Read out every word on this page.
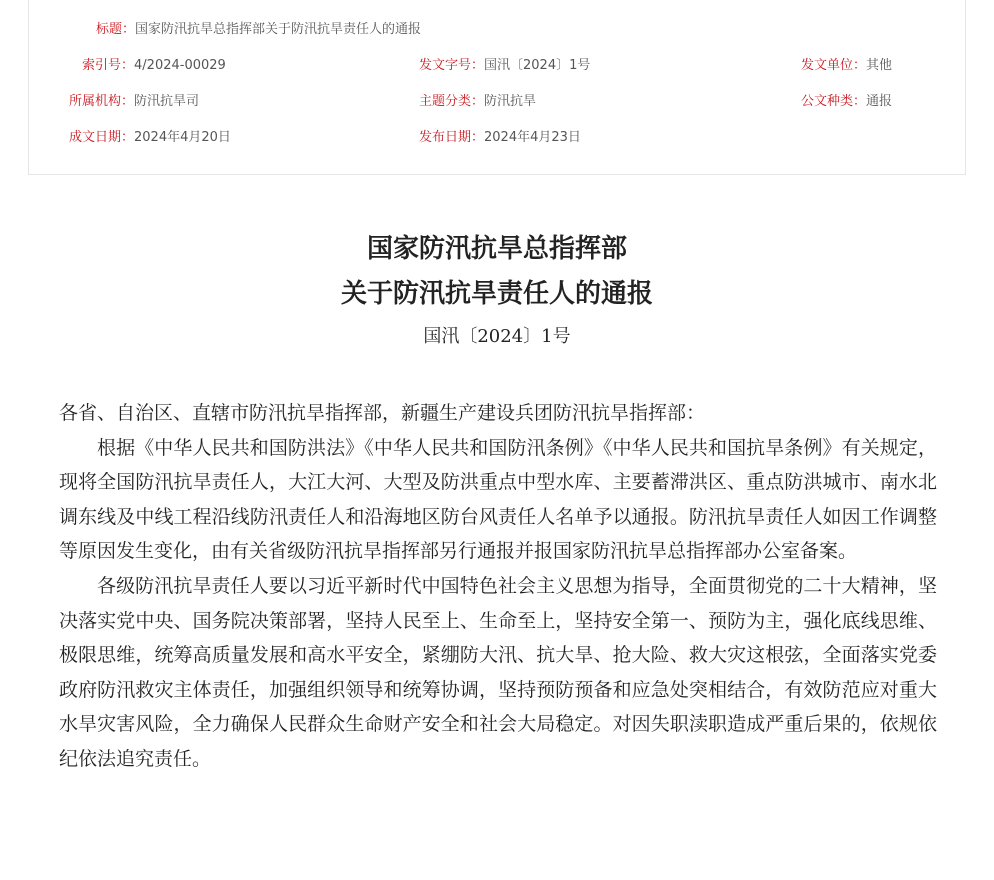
标题：国家防汛抗旱总指挥部关于防汛抗旱责任人的通报
索引号：4/2024-00029	发文字号：国汛〔2024〕1号	发文单位：其他
所属机构：防汛抗旱司	主题分类：防汛抗旱	公文种类：通报
成文日期：2024年4月20日	发布日期：2024年4月23日
国家防汛抗旱总指挥部
关于防汛抗旱责任人的通报
国汛〔2024〕1号

各省、自治区、直辖市防汛抗旱指挥部，新疆生产建设兵团防汛抗旱指挥部：

根据《中华人民共和国防洪法》《中华人民共和国防汛条例》《中华人民共和国抗旱条例》有关规定，现将全国防汛抗旱责任人，大江大河、大型及防洪重点中型水库、主要蓄滞洪区、重点防洪城市、南水北调东线及中线工程沿线防汛责任人和沿海地区防台风责任人名单予以通报。防汛抗旱责任人如因工作调整等原因发生变化，由有关省级防汛抗旱指挥部另行通报并报国家防汛抗旱总指挥部办公室备案。

各级防汛抗旱责任人要以习近平新时代中国特色社会主义思想为指导，全面贯彻党的二十大精神，坚决落实党中央、国务院决策部署，坚持人民至上、生命至上，坚持安全第一、预防为主，强化底线思维、极限思维，统筹高质量发展和高水平安全，紧绷防大汛、抗大旱、抢大险、救大灾这根弦，全面落实党委政府防汛救灾主体责任，加强组织领导和统筹协调，坚持预防预备和应急处突相结合，有效防范应对重大水旱灾害风险，全力确保人民群众生命财产安全和社会大局稳定。对因失职渎职造成严重后果的，依规依纪依法追究责任。
